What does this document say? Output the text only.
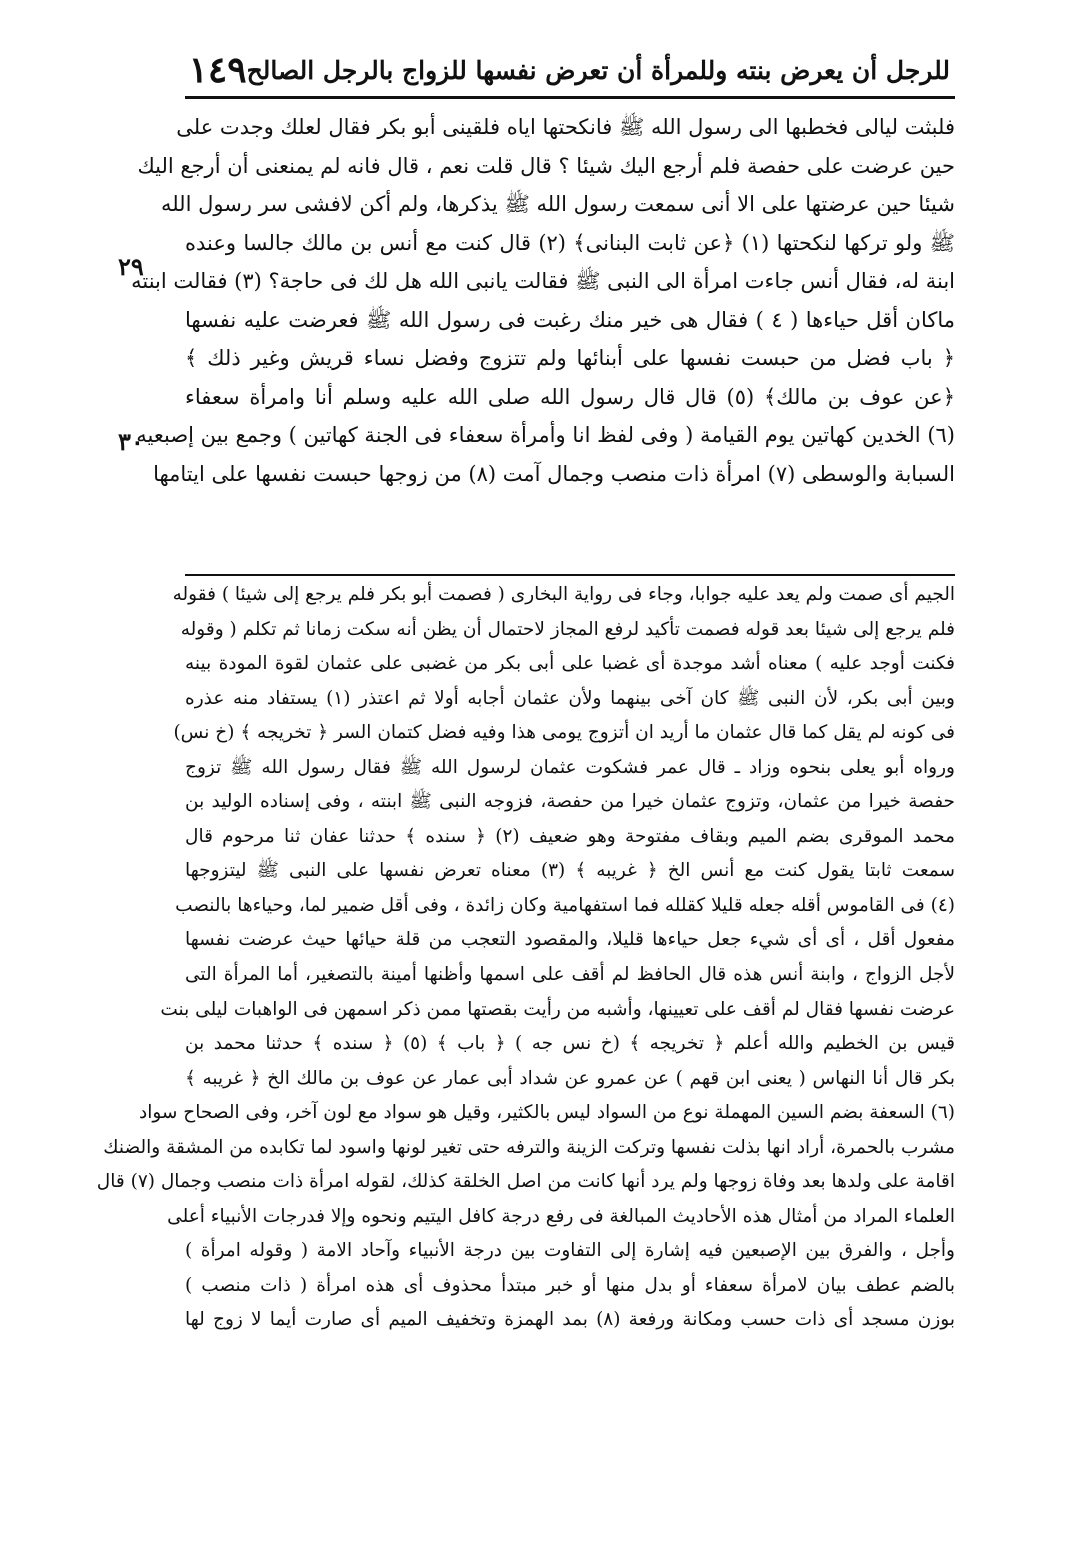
للرجل أن يعرض بنته وللمرأة أن تعرض نفسها للزواج بالرجل الصالح
١٤٩

فلبثت ليالى فخطبها الى رسول الله ﷺ فانكحتها اياه فلقينى أبو بكر فقال لعلك وجدت على

حين عرضت على حفصة فلم أرجع اليك شيئا ؟ قال قلت نعم ، قال فانه لم يمنعنى أن أرجع اليك

شيئا حين عرضتها على الا أنى سمعت رسول الله ﷺ يذكرها، ولم أكن لافشى سر رسول الله

ﷺ ولو تركها لنكحتها (١) ﴿عن ثابت البنانى﴾ (٢) قال كنت مع أنس بن مالك جالسا وعنده

ابنة له، فقال أنس جاءت امرأة الى النبى ﷺ فقالت يانبى الله هل لك فى حاجة؟ (٣) فقالت ابنته

ماكان أقل حياءها ( ٤ ) فقال هى خير منك رغبت فى رسول الله ﷺ فعرضت عليه نفسها

﴿ باب فضل من حبست نفسها على أبنائها ولم تتزوج وفضل نساء قريش وغير ذلك ﴾

﴿عن عوف بن مالك﴾ (٥) قال قال رسول الله صلى الله عليه وسلم أنا وامرأة سعفاء

(٦) الخدين كهاتين يوم القيامة ( وفى لفظ انا وأمرأة سعفاء فى الجنة كهاتين ) وجمع بين إصبعيه

السبابة والوسطى (٧) امرأة ذات منصب وجمال آمت (٨) من زوجها حبست نفسها على ايتامها

٢٩
٣٠

الجيم أى صمت ولم يعد عليه جوابا، وجاء فى رواية البخارى ( فصمت أبو بكر فلم يرجع إلى شيئا ) فقوله

فلم يرجع إلى شيئا بعد قوله فصمت تأكيد لرفع المجاز لاحتمال أن يظن أنه سكت زمانا ثم تكلم ( وقوله

فكنت أوجد عليه ) معناه أشد موجدة أى غضبا على أبى بكر من غضبى على عثمان لقوة المودة بينه

وبين أبى بكر، لأن النبى ﷺ كان آخى بينهما ولأن عثمان أجابه أولا ثم اعتذر (١) يستفاد منه عذره

فى كونه لم يقل كما قال عثمان ما أريد ان أتزوج يومى هذا وفيه فضل كتمان السر ﴿ تخريجه ﴾ (خ نس)

ورواه أبو يعلى بنحوه وزاد ـ قال عمر فشكوت عثمان لرسول الله ﷺ فقال رسول الله ﷺ تزوج

حفصة خيرا من عثمان، وتزوج عثمان خيرا من حفصة، فزوجه النبى ﷺ ابنته ، وفى إسناده الوليد بن

محمد الموقرى بضم الميم وبقاف مفتوحة وهو ضعيف (٢) ﴿ سنده ﴾ حدثنا عفان ثنا مرحوم قال

سمعت ثابتا يقول كنت مع أنس الخ ﴿ غريبه ﴾ (٣) معناه تعرض نفسها على النبى ﷺ ليتزوجها

(٤) فى القاموس أقله جعله قليلا كقلله فما استفهامية وكان زائدة ، وفى أقل ضمير لما، وحياءها بالنصب

مفعول أقل ، أى أى شيء جعل حياءها قليلا، والمقصود التعجب من قلة حيائها حيث عرضت نفسها

لأجل الزواج ، وابنة أنس هذه قال الحافظ لم أقف على اسمها وأظنها أمينة بالتصغير، أما المرأة التى

عرضت نفسها فقال لم أقف على تعيينها، وأشبه من رأيت بقصتها ممن ذكر اسمهن فى الواهبات ليلى بنت

قيس بن الخطيم والله أعلم ﴿ تخريجه ﴾ (خ نس جه ) ﴿ باب ﴾ (٥) ﴿ سنده ﴾ حدثنا محمد بن

بكر قال أنا النهاس ( يعنى ابن قهم ) عن عمرو عن شداد أبى عمار عن عوف بن مالك الخ ﴿ غريبه ﴾

(٦) السعفة بضم السين المهملة نوع من السواد ليس بالكثير، وقيل هو سواد مع لون آخر، وفى الصحاح سواد

مشرب بالحمرة، أراد انها بذلت نفسها وتركت الزينة والترفه حتى تغير لونها واسود لما تكابده من المشقة والضنك

اقامة على ولدها بعد وفاة زوجها ولم يرد أنها كانت من اصل الخلقة كذلك، لقوله امرأة ذات منصب وجمال (٧) قال

العلماء المراد من أمثال هذه الأحاديث المبالغة فى رفع درجة كافل اليتيم ونحوه وإلا فدرجات الأنبياء أعلى

وأجل ، والفرق بين الإصبعين فيه إشارة إلى التفاوت بين درجة الأنبياء وآحاد الامة ( وقوله امرأة )

بالضم عطف بيان لامرأة سعفاء أو بدل منها أو خبر مبتدأ محذوف أى هذه امرأة ( ذات منصب )

بوزن مسجد أى ذات حسب ومكانة ورفعة (٨) بمد الهمزة وتخفيف الميم أى صارت أيما لا زوج لها
